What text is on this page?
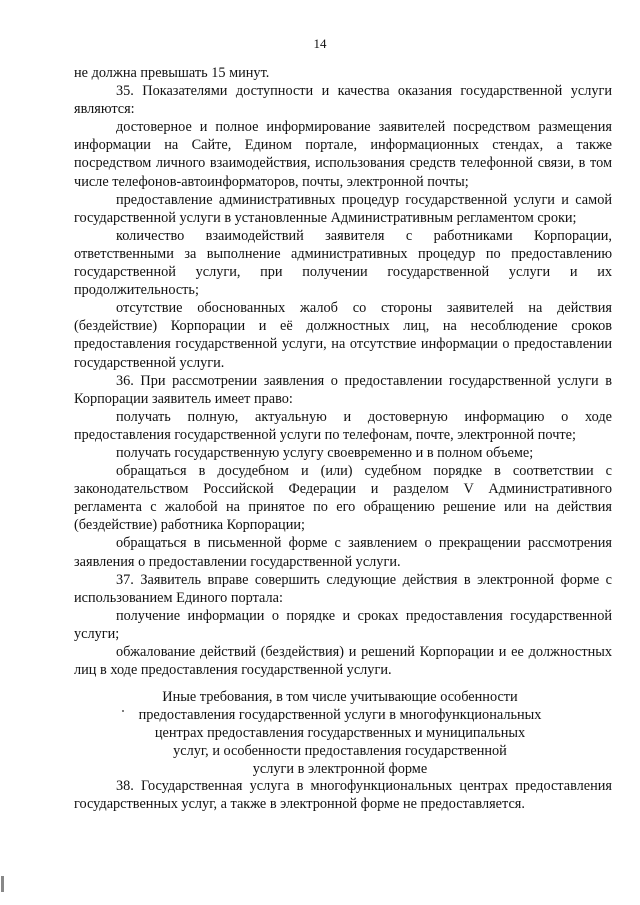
14

не должна превышать 15 минут.

35. Показателями доступности и качества оказания государственной услуги являются:

достоверное и полное информирование заявителей посредством размещения информации на Сайте, Едином портале, информационных стендах, а также посредством личного взаимодействия, использования средств телефонной связи, в том числе телефонов-автоинформаторов, почты, электронной почты;

предоставление административных процедур государственной услуги и самой государственной услуги в установленные Административным регламентом сроки;

количество взаимодействий заявителя с работниками Корпорации, ответственными за выполнение административных процедур по предоставлению государственной услуги, при получении государственной услуги и их продолжительность;

отсутствие обоснованных жалоб со стороны заявителей на действия (бездействие) Корпорации и её должностных лиц, на несоблюдение сроков предоставления государственной услуги, на отсутствие информации о предоставлении государственной услуги.

36. При рассмотрении заявления о предоставлении государственной услуги в Корпорации заявитель имеет право:

получать полную, актуальную и достоверную информацию о ходе предоставления государственной услуги по телефонам, почте, электронной почте;

получать государственную услугу своевременно и в полном объеме;

обращаться в досудебном и (или) судебном порядке в соответствии с законодательством Российской Федерации и разделом V Административного регламента с жалобой на принятое по его обращению решение или на действия (бездействие) работника Корпорации;

обращаться в письменной форме с заявлением о прекращении рассмотрения заявления о предоставлении государственной услуги.

37. Заявитель вправе совершить следующие действия в электронной форме с использованием Единого портала:

получение информации о порядке и сроках предоставления государственной услуги;

обжалование действий (бездействия) и решений Корпорации и ее должностных лиц в ходе предоставления государственной услуги.

Иные требования, в том числе учитывающие особенности
предоставления государственной услуги в многофункциональных
центрах предоставления государственных и муниципальных
услуг, и особенности предоставления государственной
услуги в электронной форме

38. Государственная услуга в многофункциональных центрах предоставления государственных услуг, а также в электронной форме не предоставляется.
